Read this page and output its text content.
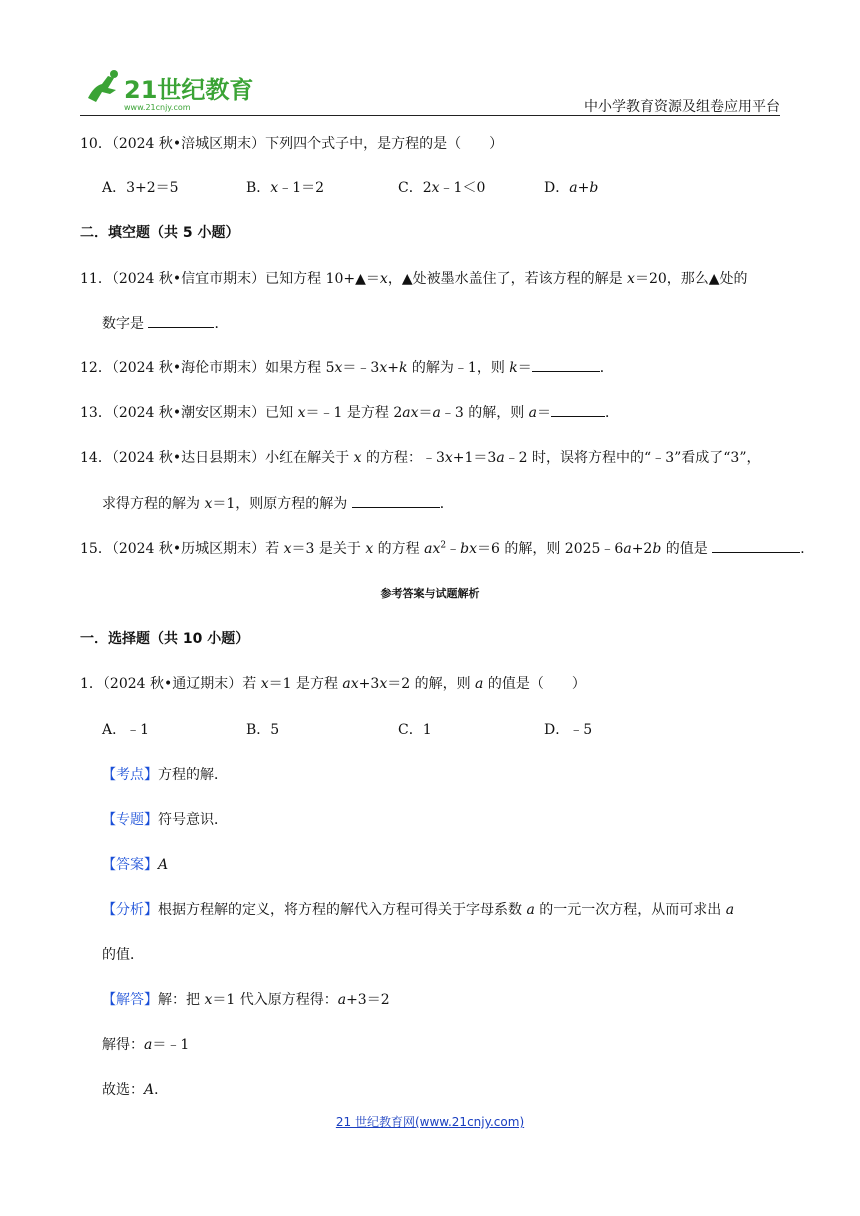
21世纪教育
www.21cnjy.com	中小学教育资源及组卷应用平台
10．（2024 秋•涪城区期末）下列四个式子中，是方程的是（　　）
A．3+2＝5	B．x﹣1＝2	C．2x﹣1＜0	D．a+b
二．填空题（共 5 小题）
11．（2024 秋•信宜市期末）已知方程 10+▲＝x，▲处被墨水盖住了，若该方程的解是 x＝20，那么▲处的
数字是	．
12．（2024 秋•海伦市期末）如果方程 5x＝﹣3x+k 的解为﹣1，则 k＝	．
13．（2024 秋•潮安区期末）已知 x＝﹣1 是方程 2ax＝a﹣3 的解，则 a＝	．
14．（2024 秋•达日县期末）小红在解关于 x 的方程：﹣3x+1＝3a﹣2 时，误将方程中的“﹣3”看成了“3”，
求得方程的解为 x＝1，则原方程的解为	．
15．（2024 秋•历城区期末）若 x＝3 是关于 x 的方程 $ax^2﹣bx=6$ 的解，则 2025﹣6a+2b 的值是	．
参考答案与试题解析
一．选择题（共 10 小题）
1．（2024 秋•通辽期末）若 x＝1 是方程 ax+3x＝2 的解，则 a 的值是（　　）
A．﹣1	B．5	C．1	D．﹣5
【考点】方程的解．
【专题】符号意识．
【答案】A
【分析】根据方程解的定义，将方程的解代入方程可得关于字母系数 a 的一元一次方程，从而可求出 a
的值．
【解答】解：把 x＝1 代入原方程得：a+3＝2
解得：a＝﹣1
故选：A．
21 世纪教育网(www.21cnjy.com)
